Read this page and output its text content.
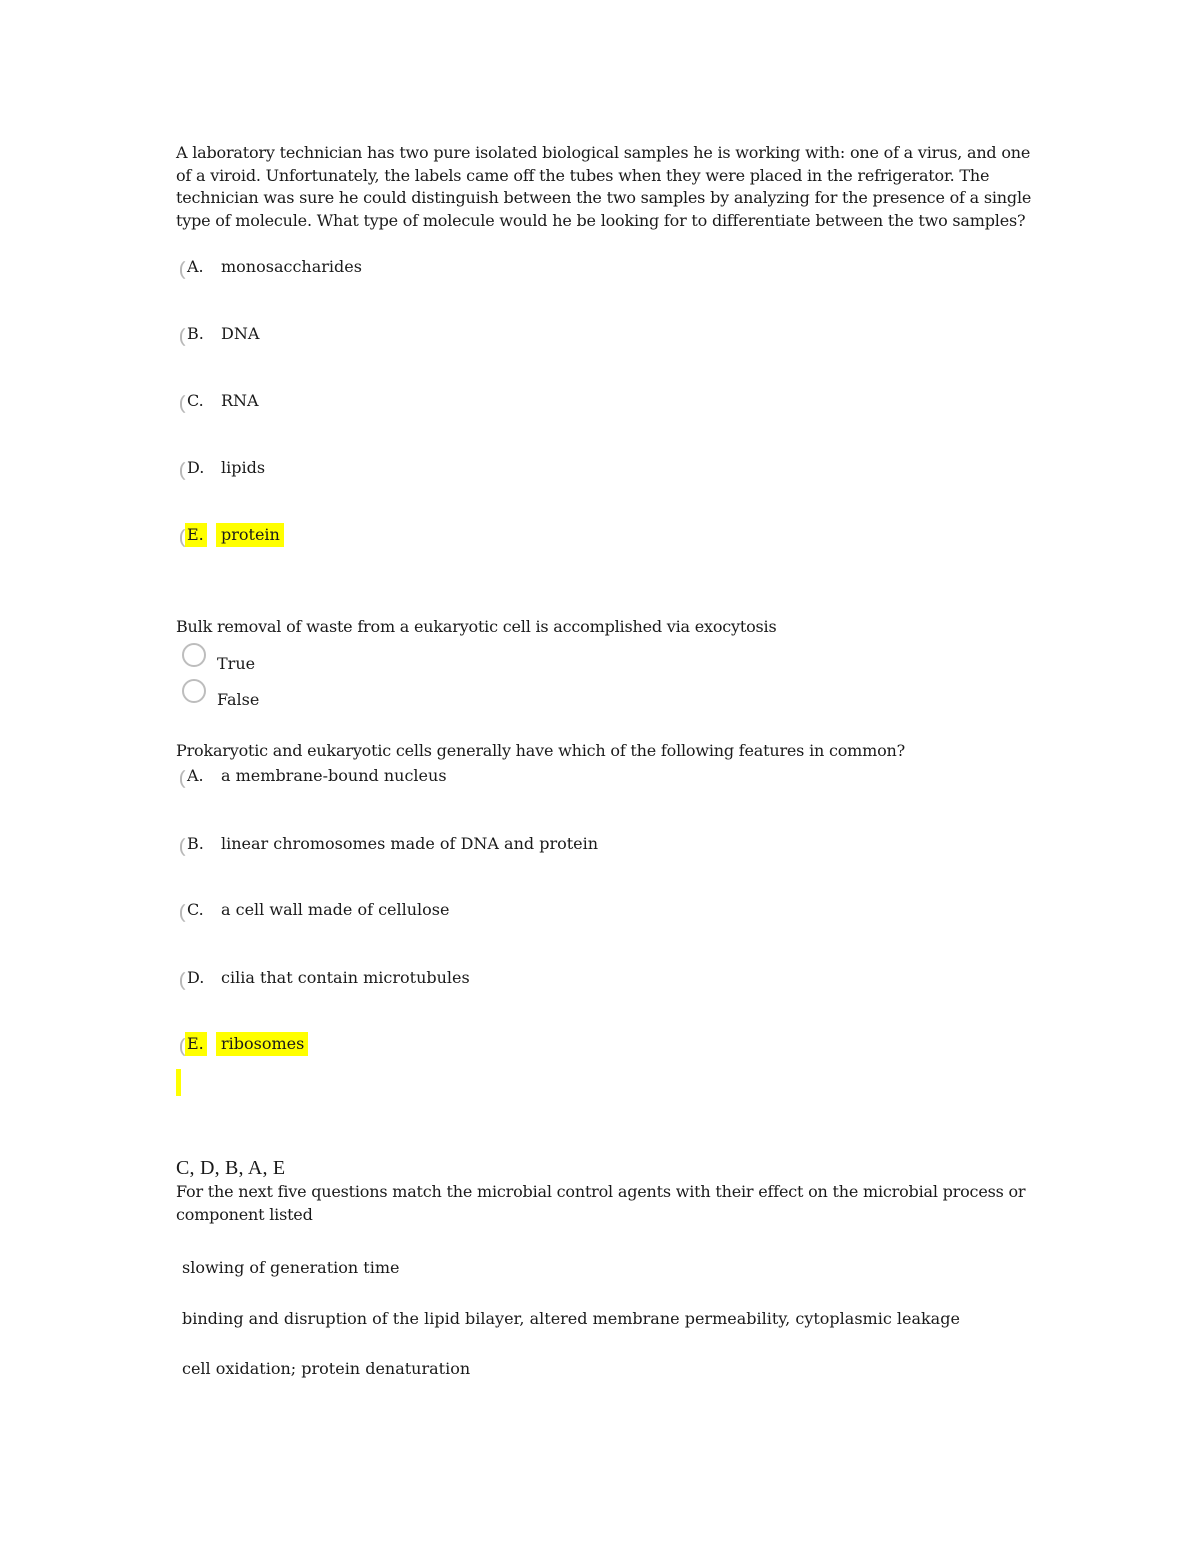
A laboratory technician has two pure isolated biological samples he is working with: one of a virus, and one of a viroid. Unfortunately, the labels came off the tubes when they were placed in the refrigerator. The technician was sure he could distinguish between the two samples by analyzing for the presence of a single type of molecule. What type of molecule would he be looking for to differentiate between the two samples?
A. monosaccharides
B. DNA
C. RNA
D. lipids
E.	protein
Bulk removal of waste from a eukaryotic cell is accomplished via exocytosis
True
False
Prokaryotic and eukaryotic cells generally have which of the following features in common?
A. a membrane-bound nucleus
B. linear chromosomes made of DNA and protein
C. a cell wall made of cellulose
D. cilia that contain microtubules
E.	ribosomes
C, D, B, A, E
For the next five questions match the microbial control agents with their effect on the microbial process or component listed
slowing of generation time
binding and disruption of the lipid bilayer, altered membrane permeability, cytoplasmic leakage
cell oxidation; protein denaturation
